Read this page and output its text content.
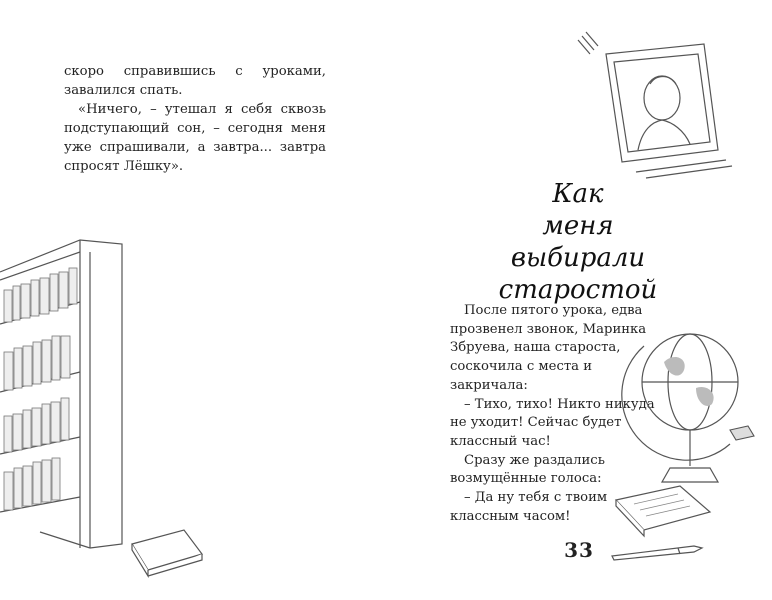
скоро справившись с уроками, завалился спать.

«Ничего, – утешал я себя сквозь подступающий сон, – сегодня меня уже спрашивали, а завтра... завтра спросят Лёшку».

Как
меня выбирали
старостой

После пятого урока, едва прозвенел звонок, Маринка Збруева, наша староста, соскочила с места и закричала:

– Тихо, тихо! Никто никуда не уходит! Сейчас будет классный час!

Сразу же раздались возмущённые голоса:

– Да ну тебя с твоим классным часом!

33
